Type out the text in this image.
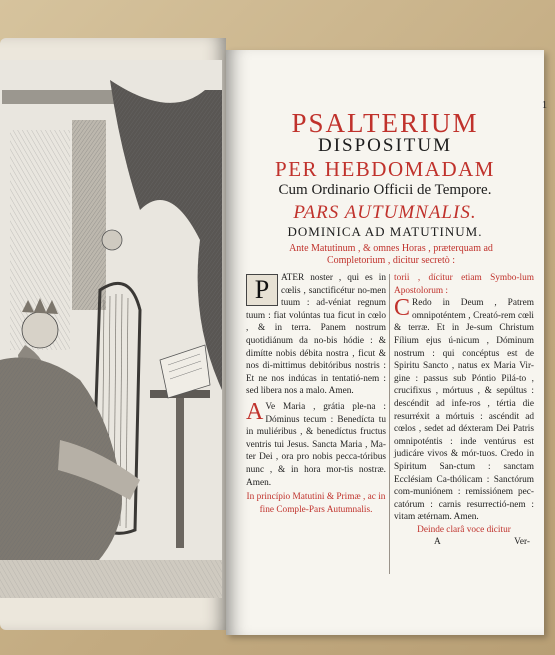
1
PSALTERIUM
DISPOSITUM
PER HEBDOMADAM
Cum Ordinario Officii de Tempore.
PARS AUTUMNALIS.
DOMINICA AD MATUTINUM.
Ante Matutinum , & omnes Horas , præterquam ad
Completorium , dicitur secretò :
P	ATER noster , qui es in cœlis , sanctificétur no-men tuum : ad-véniat regnum tuum : fiat volúntas tua ficut in cœlo , & in terra. Panem nostrum quotidiánum da no-bis hódie : & dimítte nobis débita nostra , ficut & nos di-mittimus debitóribus nostris : Et ne nos indúcas in tentatió-nem : sed libera nos a malo. Amen.
A Ve Maria , grátia ple-na : Dóminus tecum : Benedícta tu in muliéribus , & benedíctus fructus ventris tui Jesus. Sancta Maria , Ma-ter Dei , ora pro nobis pecca-tóribus nunc , & in hora mor-tis nostræ. Amen.
In princípio Matutini & Primæ , ac in fine Comple-Pars Autumnalis.
torii , dícitur etiam Symbo-lum Apostolorum :
C Redo in Deum , Patrem omnipoténtem , Creató-rem cœli & terræ. Et in Je-sum Christum Fílium ejus ú-nicum , Dóminum nostrum : qui concéptus est de Spiritu Sancto , natus ex Maria Vir-gine : passus sub Póntio Pilá-to , crucifixus , mórtuus , & sepúltus : descéndit ad infe-ros , tértia die resurréxit a mórtuis : ascéndit ad cœlos , sedet ad déxteram Dei Patris omnipoténtis : inde ventúrus est judicáre vivos & mór-tuos. Credo in Spiritum San-ctum : sanctam Ecclésiam Ca-thólicam : Sanctórum com-muniónem : remissiónem pec-catórum : carnis resurrectió-nem : vitam ætérnam. Amen.
Deinde clarâ voce dicitur
A	Ver-
